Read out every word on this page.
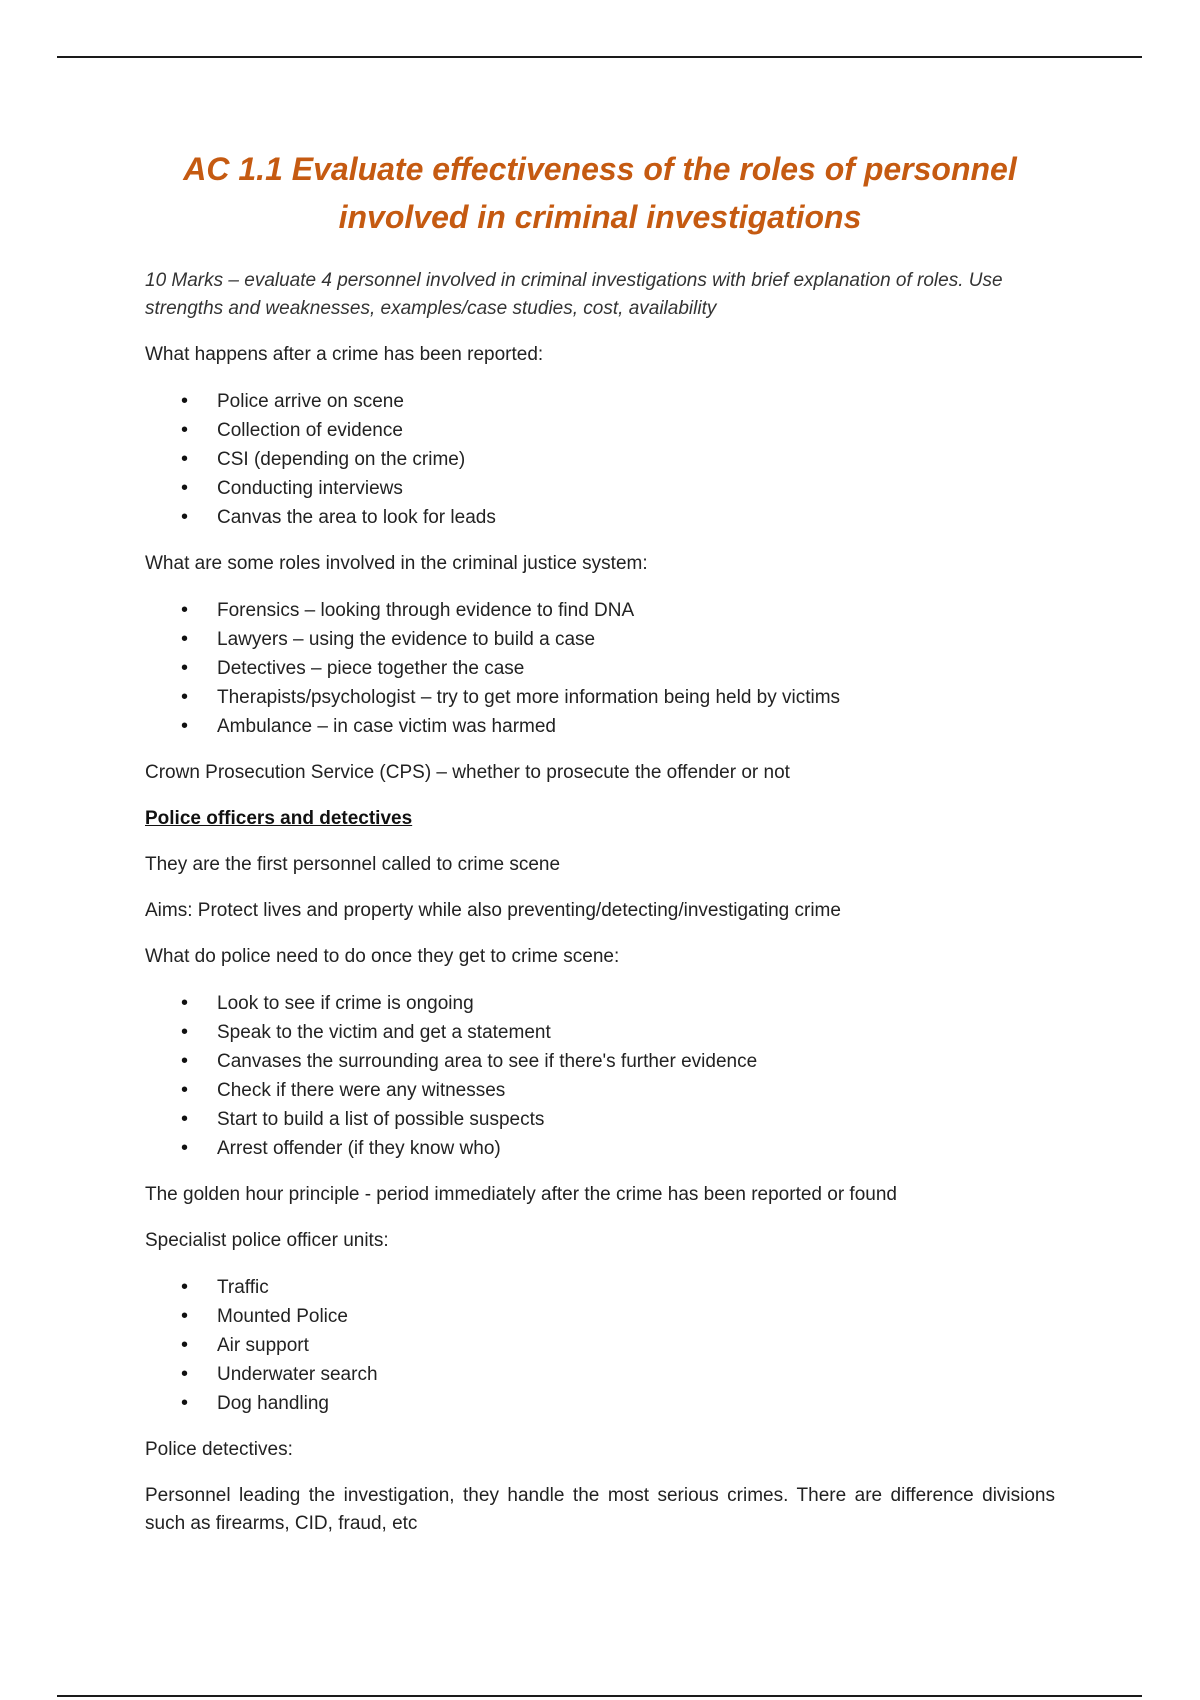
AC 1.1 Evaluate effectiveness of the roles of personnel involved in criminal investigations

10 Marks – evaluate 4 personnel involved in criminal investigations with brief explanation of roles. Use strengths and weaknesses, examples/case studies, cost, availability

What happens after a crime has been reported:

• Police arrive on scene
• Collection of evidence
• CSI (depending on the crime)
• Conducting interviews
• Canvas the area to look for leads

What are some roles involved in the criminal justice system:

• Forensics – looking through evidence to find DNA
• Lawyers – using the evidence to build a case
• Detectives – piece together the case
• Therapists/psychologist – try to get more information being held by victims
• Ambulance – in case victim was harmed

Crown Prosecution Service (CPS) – whether to prosecute the offender or not

Police officers and detectives

They are the first personnel called to crime scene

Aims: Protect lives and property while also preventing/detecting/investigating crime

What do police need to do once they get to crime scene:

• Look to see if crime is ongoing
• Speak to the victim and get a statement
• Canvases the surrounding area to see if there's further evidence
• Check if there were any witnesses
• Start to build a list of possible suspects
• Arrest offender (if they know who)

The golden hour principle - period immediately after the crime has been reported or found

Specialist police officer units:

• Traffic
• Mounted Police
• Air support
• Underwater search
• Dog handling

Police detectives:

Personnel leading the investigation, they handle the most serious crimes. There are difference divisions such as firearms, CID, fraud, etc
